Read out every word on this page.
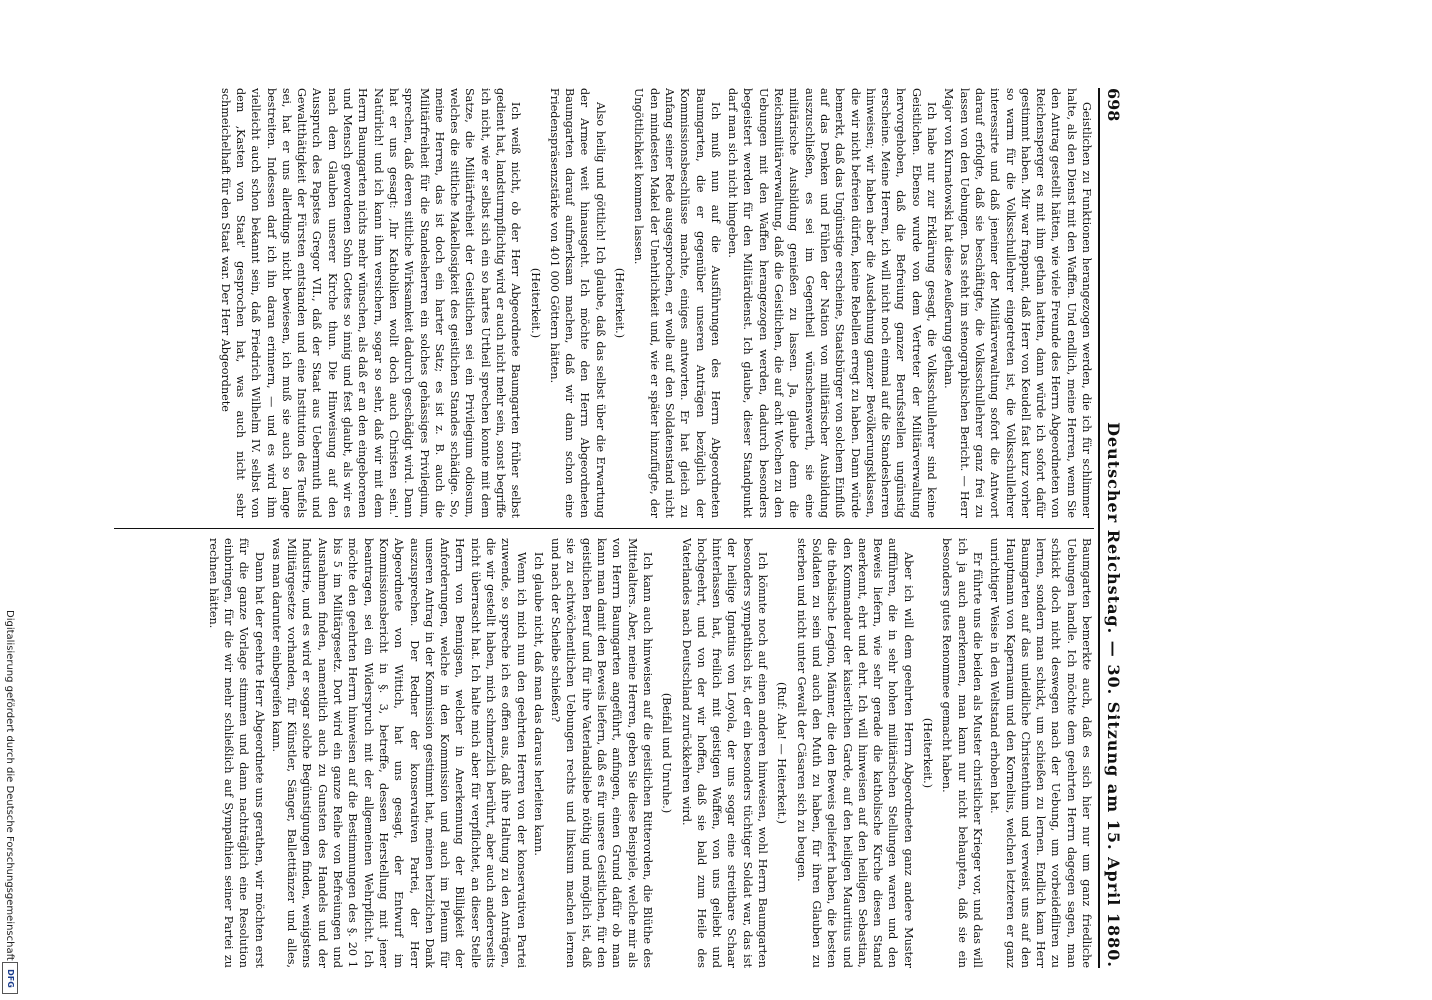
698
Deutscher Reichstag. — 30. Sitzung am 15. April 1880.

Geistlichen zu Funktionen herangezogen werden, die ich für schlimmer halte, als den Dienst mit den Waffen. Und endlich, meine Herren, wenn Sie den Antrag gestellt hätten, wie viele Freunde des Herrn Abgeordneten von Reichensperger es mit ihm gethan hatten, dann würde ich sofort dafür gestimmt haben. Mir war frappant, daß Herr von Keudell fast kurz vorher so warm für die Volksschullehrer eingetreten ist, die Volksschullehrer interessirte und daß jeneiner der Militärverwaltung sofort die Antwort darauf erfolgte, daß sie beschäftigte, die Volksschullehrer ganz frei zu lassen von den Uebungen. Das steht im stenographischen Bericht. — Herr Major von Kurnatowski hat diese Aeußerung gethan.

Ich habe nur zur Erklärung gesagt, die Volksschullehrer sind keine Geistlichen. Ebenso wurde von dem Vertreter der Militärverwaltung hervorgehoben, daß die Befreiung ganzer Berufsstellen ungünstig erscheine. Meine Herren, ich will nicht noch einmal auf die Standesherren hinweisen; wir haben aber die Ausdehnung ganzer Bevölkerungsklassen, die wir nicht befreien dürfen, keine Rebellen erregt zu haben. Dann würde bemerkt, daß das Ungünstige erscheine, Staatsbürger von solchem Einfluß auf das Denken und Fühlen der Nation von militärischer Ausbildung auszuschließen, es sei im Gegentheil wünschenswerth, sie eine militärische Ausbildung genießen zu lassen. Ja, glaube denn die Reichsmilitärverwaltung, daß die Geistlichen, die auf acht Wochen zu den Uebungen mit den Waffen herangezogen werden, dadurch besonders begeistert werden für den Militärdienst. Ich glaube, dieser Standpunkt darf man sich nicht hingeben.

Ich muß nun auf die Ausführungen des Herrn Abgeordneten Baumgarten, die er gegenüber unseren Anträgen bezüglich der Kommissionsbeschlüsse machte, einiges antworten. Er hat gleich zu Anfang seiner Rede ausgesprochen, er wolle auf den Soldatenstand nicht den mindesten Makel der Unehrlichkeit und, wie er später hinzufügte, der Ungöttlichkeit kommen lassen.

(Heiterkeit.)

Also heilig und göttlich! Ich glaube, daß das selbst über die Erwartung der Armee weit hinausgeht. Ich möchte den Herrn Abgeordneten Baumgarten darauf aufmerksam machen, daß wir dann schon eine Friedenspräsenzstärke von 401 000 Göttern hätten.

(Heiterkeit.)

Ich weiß nicht, ob der Herr Abgeordnete Baumgarten früher selbst gedient hat, landsturmpflichtig wird er auch nicht mehr sein, sonst begriffe ich nicht, wie er selbst sich ein so hartes Urtheil sprechen konnte mit dem Satze, die Militärfreiheit der Geistlichen sei ein Privilegium odiosum, welches die sittliche Makellosigkeit des geistlichen Standes schädige. So, meine Herren, das ist doch ein harter Satz; es ist z. B. auch die Militärfreiheit für die Standesherren ein solches gehässiges Privilegium, sprechen, daß deren sittliche Wirksamkeit dadurch geschädigt wird. Dann hat er uns gesagt: ‚Ihr Katholiken wollt doch auch Christen sein.' Natürlich! und ich kann ihm versichern, sogar so sehr, daß wir mit dem Herrn Baumgarten nichts mehr wünschen, als daß er an den eingeborenen und Mensch gewordenen Sohn Gottes so innig und fest glaubt, als wir es nach dem Glauben unserer Kirche thun. Die Hinweisung auf den Ausspruch des Papstes Gregor VII., daß der Staat aus Uebermuth und Gewaltthätigkeit der Fürsten entstanden und eine Institution des Teufels sei, hat er uns allerdings nicht bewiesen, ich muß sie auch so lange bestreiten. Indessen darf ich ihn daran erinnern, — und es wird ihm vielleicht auch schon bekannt sein, daß Friedrich Wilhelm IV. selbst von dem ‚Kasten von Staat' gesprochen hat, was auch nicht sehr schmeichelhaft für den Staat war. Der Herr Abgeordnete

Baumgarten bemerkte auch, daß es sich hier nur um ganz friedliche Uebungen handle. Ich möchte dem geehrten Herrn dagegen sagen, man schickt doch nicht deswegen nach der Uebung, um vorbeidefiliren zu lernen, sondern man schickt, um schießen zu lernen. Endlich kam Herr Baumgarten auf das unleidliche Christenthum und verweist uns auf den Hauptmann von Kapernaum und den Kornelius, welchen letzteren er ganz unrichtiger Weise in den Weltstand erhoben hat.

Er führte uns die beiden als Muster christlicher Krieger vor, und das will ich ja auch anerkennen, man kann nur nicht behaupten, daß sie ein besonders gutes Renommee gemacht haben.

(Heiterkeit.)

Aber ich will dem geehrten Herrn Abgeordneten ganz andere Muster aufführen, die in sehr hohen militärischen Stellungen waren und den Beweis liefern, wie sehr gerade die katholische Kirche diesen Stand anerkennt, ehrt und ehrt. Ich will hinweisen auf den heiligen Sebastian, den Kommandeur der kaiserlichen Garde, auf den heiligen Mauritius und die thebäische Legion, Männer, die den Beweis geliefert haben, die besten Soldaten zu sein und auch den Muth zu haben, für ihren Glauben zu sterben und nicht unter Gewalt der Cäsaren sich zu beugen.

(Ruf: Aha! — Heiterkeit.)

Ich könnte noch auf einen anderen hinweisen, wohl Herrn Baumgarten besonders sympathisch ist, der ein besonders tüchtiger Soldat war, das ist der heilige Ignatius von Loyola, der uns sogar eine streitbare Schaar hinterlassen hat, freilich mit geistigen Waffen, von uns geliebt und hochgeehrt, und von der wir hoffen, daß sie bald zum Heile des Vaterlandes nach Deutschland zurückkehren wird.

(Beifall und Unruhe.)

Ich kann auch hinweisen auf die geistlichen Ritterorden, die Blüthe des Mittelalters. Aber, meine Herren, geben Sie diese Beispiele, welche mir als von Herrn Baumgarten angeführt, anfingen, einen Grund dafür ob man kann man damit den Beweis liefern, daß es für unsere Geistlichen, für den geistlichen Beruf und für ihre Vaterlandsliebe nöthig und möglich ist, daß sie zu achtwöchentlichen Uebungen rechts und linksum machen lernen und nach der Scheibe schießen?

Ich glaube nicht, daß man das daraus herleiten kann.

Wenn ich mich nun den geehrten Herren von der konservativen Partei zuwende, so spreche ich es offen aus, daß ihre Haltung zu den Anträgen, die wir gestellt haben, mich schmerzlich berührt, aber auch andererseits nicht überrascht hat. Ich halte mich aber für verpflichtet, an dieser Stelle Herrn von Bennigsen, welcher in Anerkennung der Billigkeit der Anforderungen, welche in den Kommission und auch im Plenum für unseren Antrag in der Kommission gestimmt hat, meinen herzlichen Dank auszusprechen. Der Redner der konservativen Partei, der Herr Abgeordnete von Wittich, hat uns gesagt, der Entwurf im Kommissionsbericht in §. 3, betreffe, dessen Herstellung mit jener beantragen, sei ein Widerspruch mit der allgemeinen Wehrpflicht. Ich möchte den geehrten Herrn hinweisen auf die Bestimmungen des §. 20 1 bis 5 im Militärgesetz. Dort wird ein ganze Reihe von Befreiungen und Ausnahmen finden, namentlich auch zu Gunsten des Handels und der Industrie, und es wird er sogar solche Begünstigungen finden, wenigstens Militärgesetze vorhanden, für Künstler, Sänger, Balletttänzer und alles, was man darunter einbegreifen kann.

Dann hat der geehrte Herr Abgeordnete uns gerathen, wir möchten erst für die ganze Vorlage stimmen und dann nachträglich eine Resolution einbringen, für die wir mehr schließlich auf Sympathien seiner Partei zu rechnen hätten.

Digitalisierung gefördert durch die Deutsche Forschungsgemeinschaft
DFG
